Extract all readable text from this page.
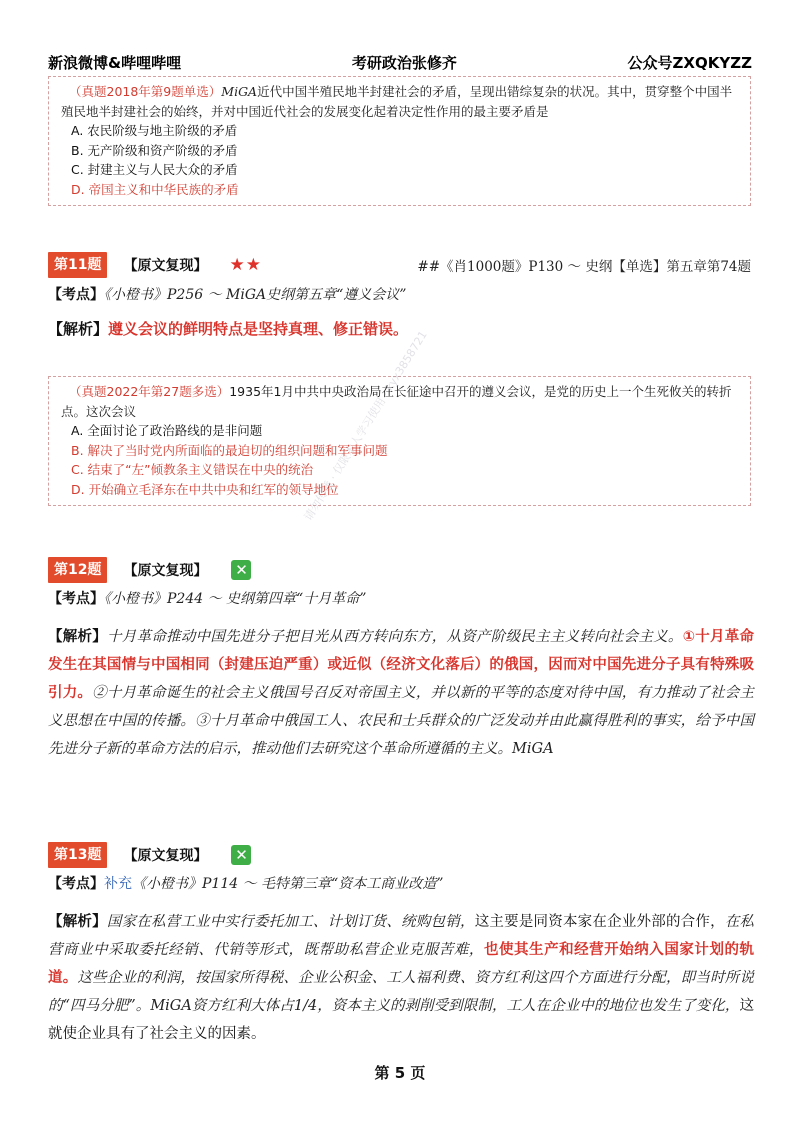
新浪微博&哔哩哔哩	考研政治张修齐	公众号ZXQKYZZ
（真题2018年第9题单选）MiGA近代中国半殖民地半封建社会的矛盾，呈现出错综复杂的状况。其中，贯穿整个中国半殖民地半封建社会的始终，并对中国近代社会的发展变化起着决定性作用的最主要矛盾是
A. 农民阶级与地主阶级的矛盾
B. 无产阶级和资产阶级的矛盾
C. 封建主义与人民大众的矛盾
D. 帝国主义和中华民族的矛盾
第11题	【原文复现】 ★★	##《肖1000题》P130 ～ 史纲【单选】第五章第74题
【考点】《小橙书》P256 ～ MiGA史纲第五章“遵义会议”
【解析】遵义会议的鲜明特点是坚持真理、修正错误。
（真题2022年第27题多选）1935年1月中共中央政治局在长征途中召开的遵义会议，是党的历史上一个生死攸关的转折点。这次会议
A. 全面讨论了政治路线的是非问题
B. 解决了当时党内所面临的最迫切的组织问题和军事问题
C. 结束了“左”倾教条主义错误在中央的统治
D. 开始确立毛泽东在中共中央和红军的领导地位
第12题	【原文复现】 ✕
【考点】《小橙书》P244 ～ 史纲第四章“十月革命”
【解析】十月革命推动中国先进分子把目光从西方转向东方，从资产阶级民主主义转向社会主义。①十月革命发生在其国情与中国相同（封建压迫严重）或近似（经济文化落后）的俄国，因而对中国先进分子具有特殊吸引力。②十月革命诞生的社会主义俄国号召反对帝国主义，并以新的平等的态度对待中国，有力推动了社会主义思想在中国的传播。③十月革命中俄国工人、农民和士兵群众的广泛发动并由此赢得胜利的事实，给予中国先进分子新的革命方法的启示，推动他们去研究这个革命所遵循的主义。MiGA
第13题	【原文复现】 ✕
【考点】补充《小橙书》P114 ～ 毛特第三章“资本工商业改造”
【解析】国家在私营工业中实行委托加工、计划订货、统购包销，这主要是同资本家在企业外部的合作，在私营商业中采取委托经销、代销等形式，既帮助私营企业克服苦难，也使其生产和经营开始纳入国家计划的轨道。这些企业的利润，按国家所得税、企业公积金、工人福利费、资方红利这四个方面进行分配，即当时所说的“四马分肥”。MiGA资方红利大体占1/4，资本主义的剥削受到限制，工人在企业中的地位也发生了变化，这就使企业具有了社会主义的因素。
请勿传播 · 仅限本人学习使用 · kyx3858721
第 5 页
